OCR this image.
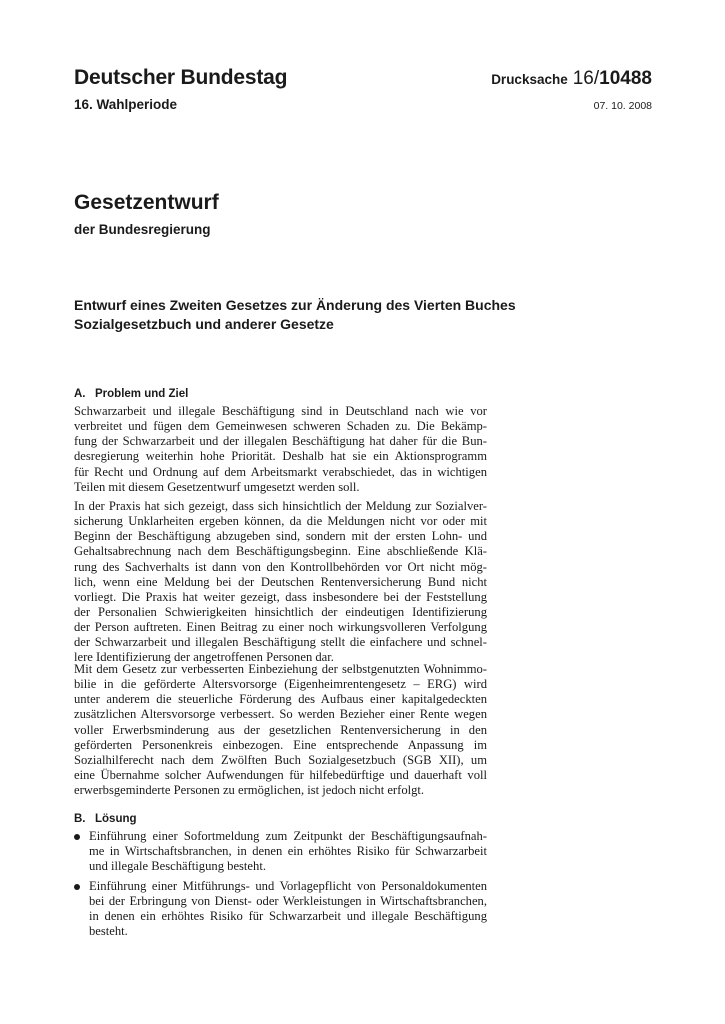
Deutscher Bundestag
16. Wahlperiode
Drucksache 16/10488
07. 10. 2008
Gesetzentwurf
der Bundesregierung
Entwurf eines Zweiten Gesetzes zur Änderung des Vierten Buches
Sozialgesetzbuch und anderer Gesetze
A. Problem und Ziel
Schwarzarbeit und illegale Beschäftigung sind in Deutschland nach wie vor
verbreitet und fügen dem Gemeinwesen schweren Schaden zu. Die Bekämp-
fung der Schwarzarbeit und der illegalen Beschäftigung hat daher für die Bun-
desregierung weiterhin hohe Priorität. Deshalb hat sie ein Aktionsprogramm
für Recht und Ordnung auf dem Arbeitsmarkt verabschiedet, das in wichtigen
Teilen mit diesem Gesetzentwurf umgesetzt werden soll.
In der Praxis hat sich gezeigt, dass sich hinsichtlich der Meldung zur Sozialver-
sicherung Unklarheiten ergeben können, da die Meldungen nicht vor oder mit
Beginn der Beschäftigung abzugeben sind, sondern mit der ersten Lohn- und
Gehaltsabrechnung nach dem Beschäftigungsbeginn. Eine abschließende Klä-
rung des Sachverhalts ist dann von den Kontrollbehörden vor Ort nicht mög-
lich, wenn eine Meldung bei der Deutschen Rentenversicherung Bund nicht
vorliegt. Die Praxis hat weiter gezeigt, dass insbesondere bei der Feststellung
der Personalien Schwierigkeiten hinsichtlich der eindeutigen Identifizierung
der Person auftreten. Einen Beitrag zu einer noch wirkungsvolleren Verfolgung
der Schwarzarbeit und illegalen Beschäftigung stellt die einfachere und schnel-
lere Identifizierung der angetroffenen Personen dar.
Mit dem Gesetz zur verbesserten Einbeziehung der selbstgenutzten Wohnimmo-
bilie in die geförderte Altersvorsorge (Eigenheimrentengesetz – ERG) wird
unter anderem die steuerliche Förderung des Aufbaus einer kapitalgedeckten
zusätzlichen Altersvorsorge verbessert. So werden Bezieher einer Rente wegen
voller Erwerbsminderung aus der gesetzlichen Rentenversicherung in den
geförderten Personenkreis einbezogen. Eine entsprechende Anpassung im
Sozialhilferecht nach dem Zwölften Buch Sozialgesetzbuch (SGB XII), um
eine Übernahme solcher Aufwendungen für hilfebedürftige und dauerhaft voll
erwerbsgeminderte Personen zu ermöglichen, ist jedoch nicht erfolgt.
B. Lösung
Einführung einer Sofortmeldung zum Zeitpunkt der Beschäftigungsaufnah-
me in Wirtschaftsbranchen, in denen ein erhöhtes Risiko für Schwarzarbeit
und illegale Beschäftigung besteht.
Einführung einer Mitführungs- und Vorlagepflicht von Personaldokumenten
bei der Erbringung von Dienst- oder Werkleistungen in Wirtschaftsbranchen,
in denen ein erhöhtes Risiko für Schwarzarbeit und illegale Beschäftigung
besteht.
